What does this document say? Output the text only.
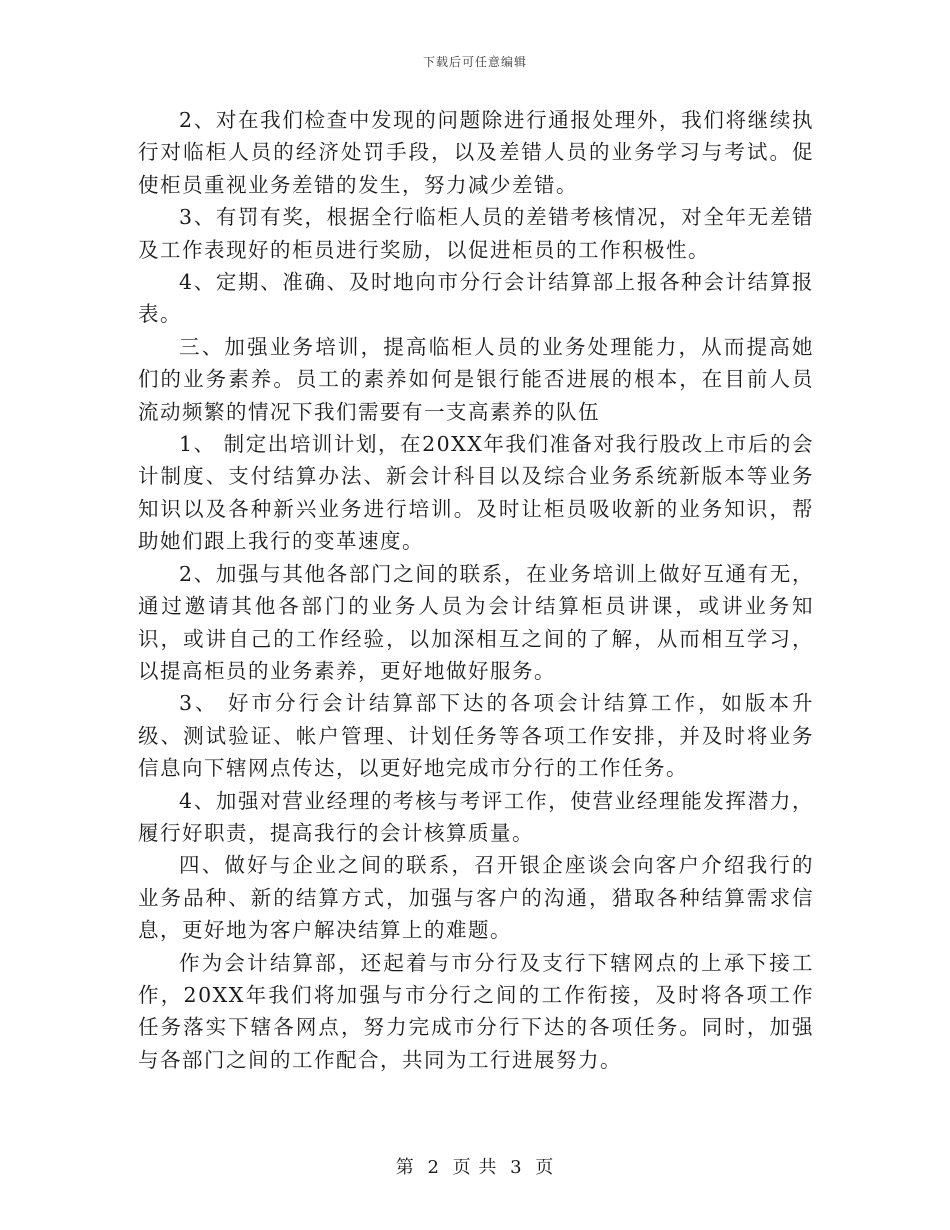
下载后可任意编辑

2、对在我们检查中发现的问题除进行通报处理外，我们将继续执行对临柜人员的经济处罚手段，以及差错人员的业务学习与考试。促使柜员重视业务差错的发生，努力减少差错。

3、有罚有奖，根据全行临柜人员的差错考核情况，对全年无差错及工作表现好的柜员进行奖励，以促进柜员的工作积极性。

4、定期、准确、及时地向市分行会计结算部上报各种会计结算报表。

三、加强业务培训，提高临柜人员的业务处理能力，从而提高她们的业务素养。员工的素养如何是银行能否进展的根本，在目前人员流动频繁的情况下我们需要有一支高素养的队伍

1、 制定出培训计划，在20XX年我们准备对我行股改上市后的会计制度、支付结算办法、新会计科目以及综合业务系统新版本等业务知识以及各种新兴业务进行培训。及时让柜员吸收新的业务知识，帮助她们跟上我行的变革速度。

2、加强与其他各部门之间的联系，在业务培训上做好互通有无，通过邀请其他各部门的业务人员为会计结算柜员讲课，或讲业务知识，或讲自己的工作经验，以加深相互之间的了解，从而相互学习，以提高柜员的业务素养，更好地做好服务。

3、 好市分行会计结算部下达的各项会计结算工作，如版本升级、测试验证、帐户管理、计划任务等各项工作安排，并及时将业务信息向下辖网点传达，以更好地完成市分行的工作任务。

4、加强对营业经理的考核与考评工作，使营业经理能发挥潜力，履行好职责，提高我行的会计核算质量。

四、做好与企业之间的联系，召开银企座谈会向客户介绍我行的业务品种、新的结算方式，加强与客户的沟通，猎取各种结算需求信息，更好地为客户解决结算上的难题。

作为会计结算部，还起着与市分行及支行下辖网点的上承下接工作，20XX年我们将加强与市分行之间的工作衔接，及时将各项工作任务落实下辖各网点，努力完成市分行下达的各项任务。同时，加强与各部门之间的工作配合，共同为工行进展努力。

第 2 页 共 3 页
